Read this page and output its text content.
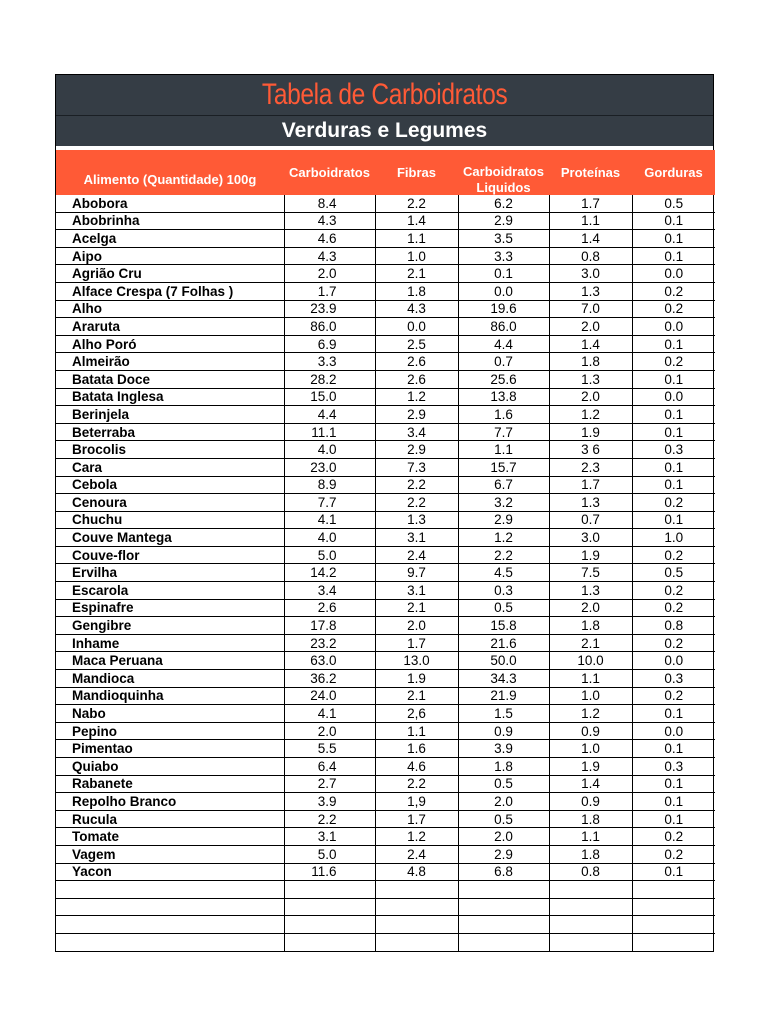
Tabela de Carboidratos
Verduras e Legumes
Alimento (Quantidade) 100g	Carboidratos	Fibras	Carboidratos Liquidos	Proteínas	Gorduras

Abobora	8.4	2.2	6.2	1.7	0.5
Abobrinha	4.3	1.4	2.9	1.1	0.1
Acelga	4.6	1.1	3.5	1.4	0.1
Aipo	4.3	1.0	3.3	0.8	0.1
Agrião Cru	2.0	2.1	0.1	3.0	0.0
Alface Crespa (7 Folhas )	1.7	1.8	0.0	1.3	0.2
Alho	23.9	4.3	19.6	7.0	0.2
Araruta	86.0	0.0	86.0	2.0	0.0
Alho Poró	6.9	2.5	4.4	1.4	0.1
Almeirão	3.3	2.6	0.7	1.8	0.2
Batata Doce	28.2	2.6	25.6	1.3	0.1
Batata Inglesa	15.0	1.2	13.8	2.0	0.0
Berinjela	4.4	2.9	1.6	1.2	0.1
Beterraba	11.1	3.4	7.7	1.9	0.1
Brocolis	4.0	2.9	1.1	3 6	0.3
Cara	23.0	7.3	15.7	2.3	0.1
Cebola	8.9	2.2	6.7	1.7	0.1
Cenoura	7.7	2.2	3.2	1.3	0.2
Chuchu	4.1	1.3	2.9	0.7	0.1
Couve Mantega	4.0	3.1	1.2	3.0	1.0
Couve-flor	5.0	2.4	2.2	1.9	0.2
Ervilha	14.2	9.7	4.5	7.5	0.5
Escarola	3.4	3.1	0.3	1.3	0.2
Espinafre	2.6	2.1	0.5	2.0	0.2
Gengibre	17.8	2.0	15.8	1.8	0.8
Inhame	23.2	1.7	21.6	2.1	0.2
Maca Peruana	63.0	13.0	50.0	10.0	0.0
Mandioca	36.2	1.9	34.3	1.1	0.3
Mandioquinha	24.0	2.1	21.9	1.0	0.2
Nabo	4.1	2,6	1.5	1.2	0.1
Pepino	2.0	1.1	0.9	0.9	0.0
Pimentao	5.5	1.6	3.9	1.0	0.1
Quiabo	6.4	4.6	1.8	1.9	0.3
Rabanete	2.7	2.2	0.5	1.4	0.1
Repolho Branco	3.9	1,9	2.0	0.9	0.1
Rucula	2.2	1.7	0.5	1.8	0.1
Tomate	3.1	1.2	2.0	1.1	0.2
Vagem	5.0	2.4	2.9	1.8	0.2
Yacon	11.6	4.8	6.8	0.8	0.1
